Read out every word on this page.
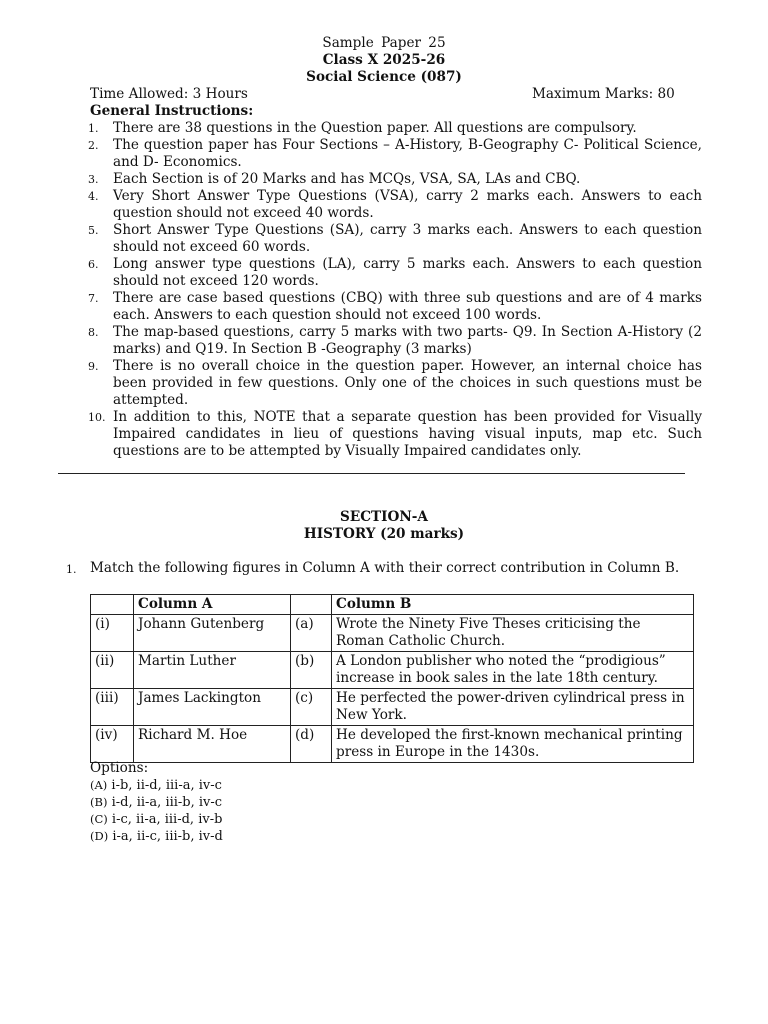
Sample Paper 25
Class X 2025-26
Social Science (087)
Time Allowed: 3 Hours	Maximum Marks: 80
General Instructions:
1.	There are 38 questions in the Question paper. All questions are compulsory.
2.	The question paper has Four Sections – A-History, B-Geography C- Political Science, and D- Economics.
3.	Each Section is of 20 Marks and has MCQs, VSA, SA, LAs and CBQ.
4.	Very Short Answer Type Questions (VSA), carry 2 marks each. Answers to each question should not exceed 40 words.
5.	Short Answer Type Questions (SA), carry 3 marks each. Answers to each question should not exceed 60 words.
6.	Long answer type questions (LA), carry 5 marks each. Answers to each question should not exceed 120 words.
7.	There are case based questions (CBQ) with three sub questions and are of 4 marks each. Answers to each question should not exceed 100 words.
8.	The map-based questions, carry 5 marks with two parts- Q9. In Section A-History (2 marks) and Q19. In Section B -Geography (3 marks)
9.	There is no overall choice in the question paper. However, an internal choice has been provided in few questions. Only one of the choices in such questions must be attempted.
10. In addition to this, NOTE that a separate question has been provided for Visually Impaired candidates in lieu of questions having visual inputs, map etc. Such questions are to be attempted by Visually Impaired candidates only.
SECTION-A
HISTORY (20 marks)
1. Match the following figures in Column A with their correct contribution in Column B.
	Column A		Column B
(i)	Johann Gutenberg	(a)	Wrote the Ninety Five Theses criticising the Roman Catholic Church.
(ii)	Martin Luther	(b)	A London publisher who noted the “prodigious” increase in book sales in the late 18th century.
(iii)	James Lackington	(c)	He perfected the power-driven cylindrical press in New York.
(iv)	Richard M. Hoe	(d)	He developed the first-known mechanical printing press in Europe in the 1430s.
Options:
(A) i-b, ii-d, iii-a, iv-c
(B) i-d, ii-a, iii-b, iv-c
(C) i-c, ii-a, iii-d, iv-b
(D) i-a, ii-c, iii-b, iv-d
